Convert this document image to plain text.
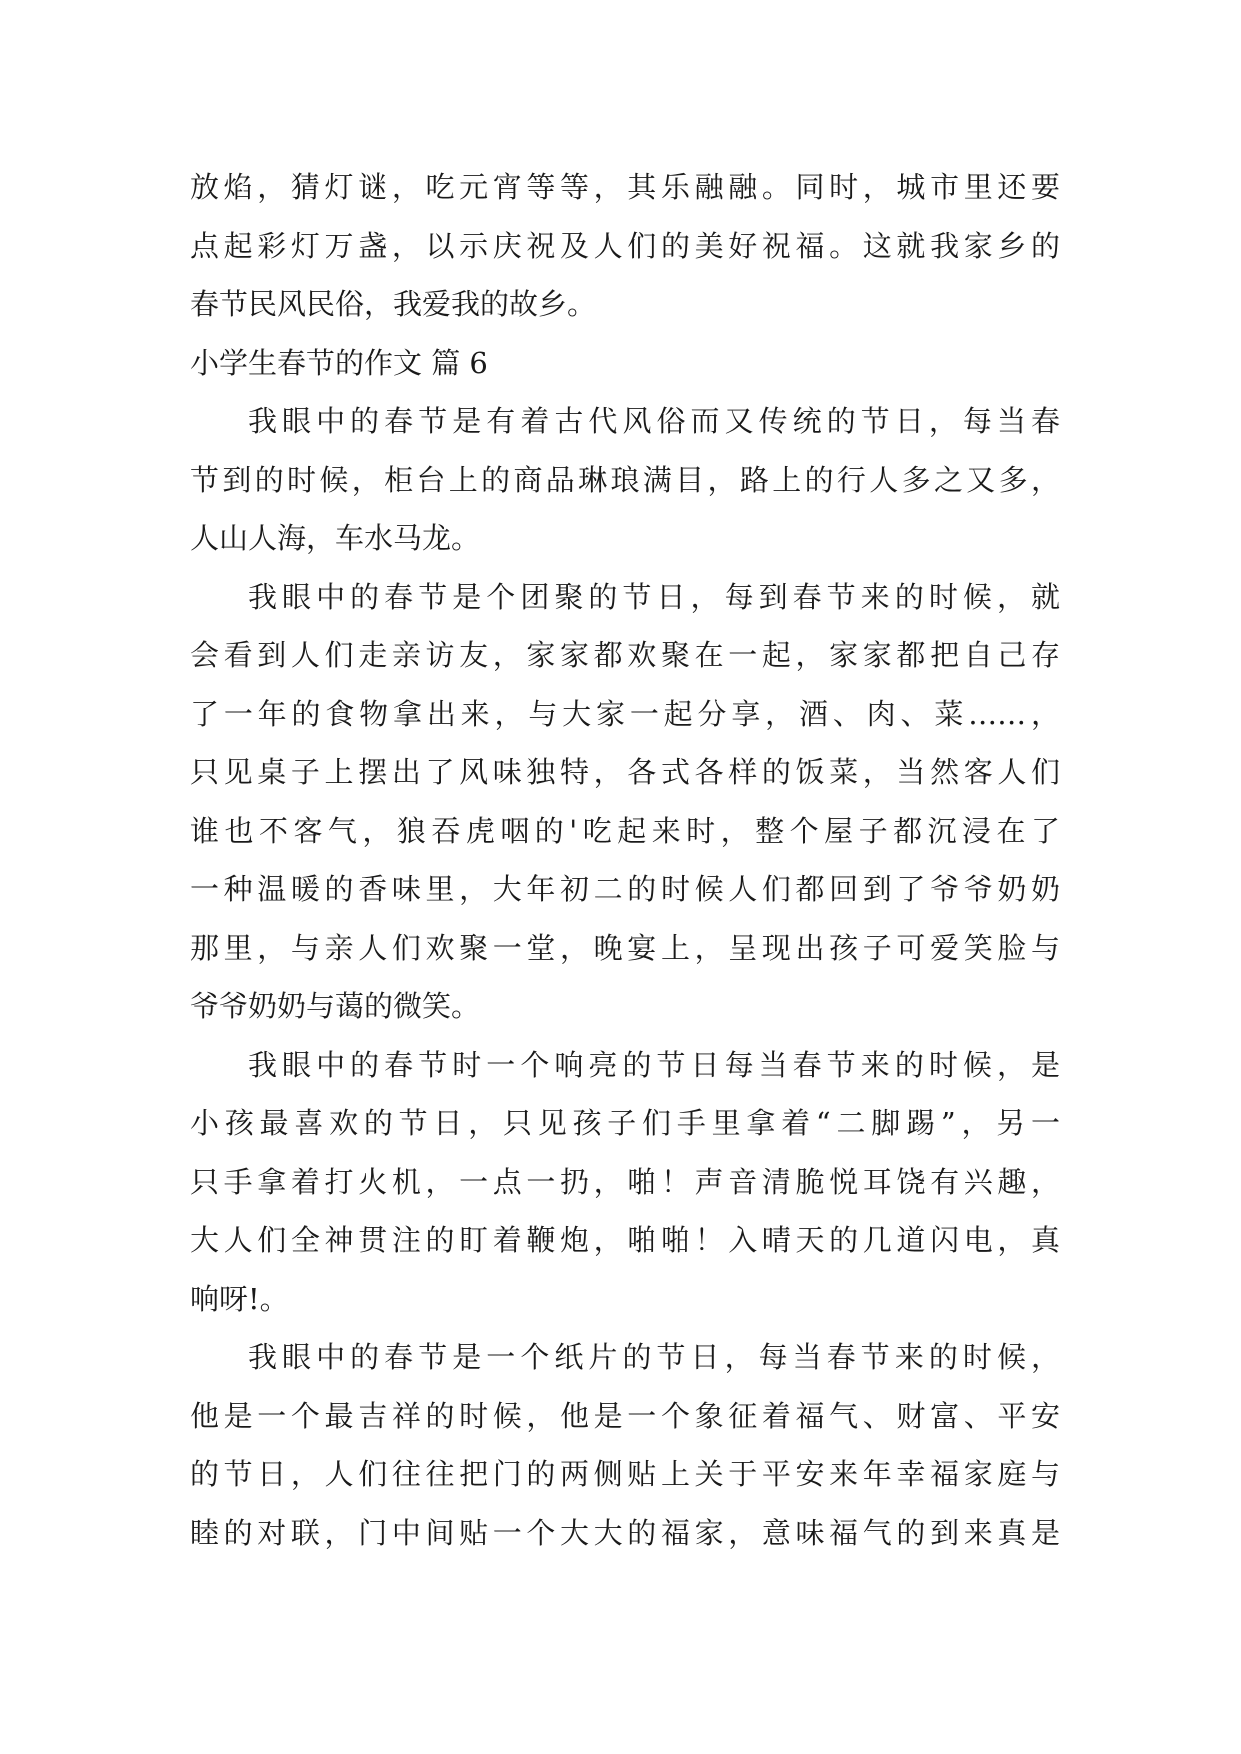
放焰，猜灯谜，吃元宵等等，其乐融融。同时，城市里还要

点起彩灯万盏，以示庆祝及人们的美好祝福。这就我家乡的

春节民风民俗，我爱我的故乡。

小学生春节的作文 篇 6

我眼中的春节是有着古代风俗而又传统的节日，每当春

节到的时候，柜台上的商品琳琅满目，路上的行人多之又多，

人山人海，车水马龙。

我眼中的春节是个团聚的节日，每到春节来的时候，就

会看到人们走亲访友，家家都欢聚在一起，家家都把自己存

了一年的食物拿出来，与大家一起分享，酒、肉、菜……，

只见桌子上摆出了风味独特，各式各样的饭菜，当然客人们

谁也不客气，狼吞虎咽的'吃起来时，整个屋子都沉浸在了

一种温暖的香味里，大年初二的时候人们都回到了爷爷奶奶

那里，与亲人们欢聚一堂，晚宴上，呈现出孩子可爱笑脸与

爷爷奶奶与蔼的微笑。

我眼中的春节时一个响亮的节日每当春节来的时候，是

小孩最喜欢的节日，只见孩子们手里拿着“二脚踢”，另一

只手拿着打火机，一点一扔，啪！声音清脆悦耳饶有兴趣，

大人们全神贯注的盯着鞭炮，啪啪！入晴天的几道闪电，真

响呀!。

我眼中的春节是一个纸片的节日，每当春节来的时候，

他是一个最吉祥的时候，他是一个象征着福气、财富、平安

的节日，人们往往把门的两侧贴上关于平安来年幸福家庭与

睦的对联，门中间贴一个大大的福家，意味福气的到来真是
